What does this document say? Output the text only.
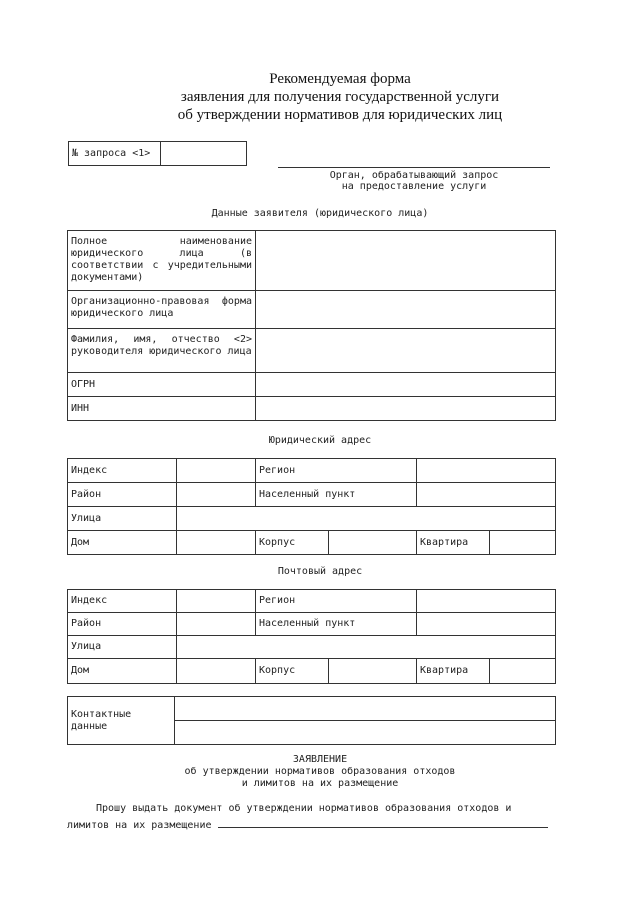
Рекомендуемая форма
заявления для получения государственной услуги
об утверждении нормативов для юридических лиц
№ запроса <1>	
Орган, обрабатывающий запрос
на предоставление услуги
Данные заявителя (юридического лица)
Полное наименование юридического лица (в соответствии с учредительными документами)	
Организационно-правовая форма юридического лица	
Фамилия, имя, отчество <2> руководителя юридического лица	
ОГРН	
ИНН	
Юридический адрес
Индекс		Регион			
Район		Населенный пункт			
Улица					
Дом		Корпус		Квартира	
Почтовый адрес
Индекс		Регион			
Район		Населенный пункт			
Улица					
Дом		Корпус		Квартира	
Контактные
данные

ЗАЯВЛЕНИЕ
об утверждении нормативов образования отходов
и лимитов на их размещение
Прошу выдать документ об утверждении нормативов образования отходов и
лимитов на их размещение
